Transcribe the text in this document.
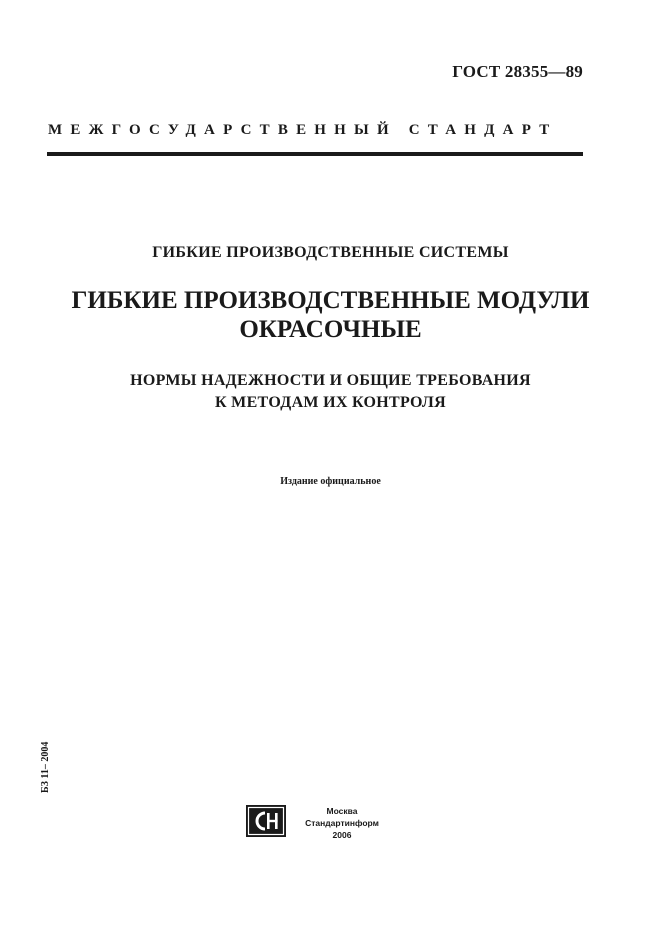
ГОСТ 28355—89
МЕЖГОСУДАРСТВЕННЫЙ СТАНДАРТ
ГИБКИЕ ПРОИЗВОДСТВЕННЫЕ СИСТЕМЫ
ГИБКИЕ ПРОИЗВОДСТВЕННЫЕ МОДУЛИ
ОКРАСОЧНЫЕ
НОРМЫ НАДЕЖНОСТИ И ОБЩИЕ ТРЕБОВАНИЯ
К МЕТОДАМ ИХ КОНТРОЛЯ
Издание официальное
БЗ 11– 2004
Москва
Стандартинформ
2006
